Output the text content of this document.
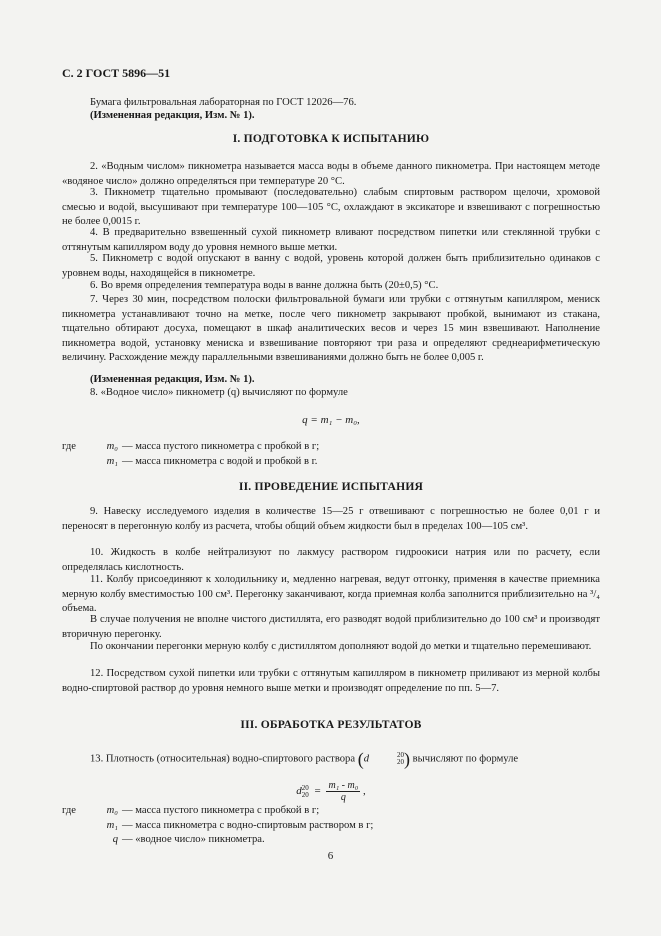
С. 2 ГОСТ 5896—51
Бумага фильтровальная лабораторная по ГОСТ 12026—76.
(Измененная редакция, Изм. № 1).
I. ПОДГОТОВКА К ИСПЫТАНИЮ
2. «Водным числом» пикнометра называется масса воды в объеме данного пикнометра. При настоящем методе «водяное число» должно определяться при температуре 20 °С.
3. Пикнометр тщательно промывают (последовательно) слабым спиртовым раствором щелочи, хромовой смесью и водой, высушивают при температуре 100—105 °С, охлаждают в эксикаторе и взвешивают с погрешностью не более 0,0015 г.
4. В предварительно взвешенный сухой пикнометр вливают посредством пипетки или стеклянной трубки с оттянутым капилляром воду до уровня немного выше метки.
5. Пикнометр с водой опускают в ванну с водой, уровень которой должен быть приблизительно одинаков с уровнем воды, находящейся в пикнометре.
6. Во время определения температура воды в ванне должна быть (20±0,5) °С.
7. Через 30 мин, посредством полоски фильтровальной бумаги или трубки с оттянутым капилляром, мениск пикнометра устанавливают точно на метке, после чего пикнометр закрывают пробкой, вынимают из стакана, тщательно обтирают досуха, помещают в шкаф аналитических весов и через 15 мин взвешивают. Наполнение пикнометра водой, установку мениска и взвешивание повторяют три раза и определяют среднеарифметическую величину. Расхождение между параллельными взвешиваниями должно быть не более 0,005 г.
(Измененная редакция, Изм. № 1).
8. «Водное число» пикнометр (q) вычисляют по формуле
q = m₁ − m₀,
где	m₀ — масса пустого пикнометра с пробкой в г;
m₁ — масса пикнометра с водой и пробкой в г.
II. ПРОВЕДЕНИЕ ИСПЫТАНИЯ
9. Навеску исследуемого изделия в количестве 15—25 г отвешивают с погрешностью не более 0,01 г и переносят в перегонную колбу из расчета, чтобы общий объем жидкости был в пределах 100—105 см³.
10. Жидкость в колбе нейтрализуют по лакмусу раствором гидроокиси натрия или по расчету, если определялась кислотность.
11. Колбу присоединяют к холодильнику и, медленно нагревая, ведут отгонку, применяя в качестве приемника мерную колбу вместимостью 100 см³. Перегонку заканчивают, когда приемная колба заполнится приблизительно на ³/₄ объема.
В случае получения не вполне чистого дистиллята, его разводят водой приблизительно до 100 см³ и производят вторичную перегонку.
По окончании перегонки мерную колбу с дистиллятом дополняют водой до метки и тщательно перемешивают.
12. Посредством сухой пипетки или трубки с оттянутым капилляром в пикнометр приливают из мерной колбы водно-спиртовой раствор до уровня немного выше метки и производят определение по пп. 5—7.
III. ОБРАБОТКА РЕЗУЛЬТАТОВ
13. Плотность (относительная) водно-спиртового раствора (d	20
20 ) вычисляют по формуле
d 20
$20 = \frac{\text{m₁ - m₀}}{q}$ ,
где	m₀ — масса пустого пикнометра с пробкой в г;
m₁ — масса пикнометра с водно-спиртовым раствором в г;
q — «водное число» пикнометра.
6
